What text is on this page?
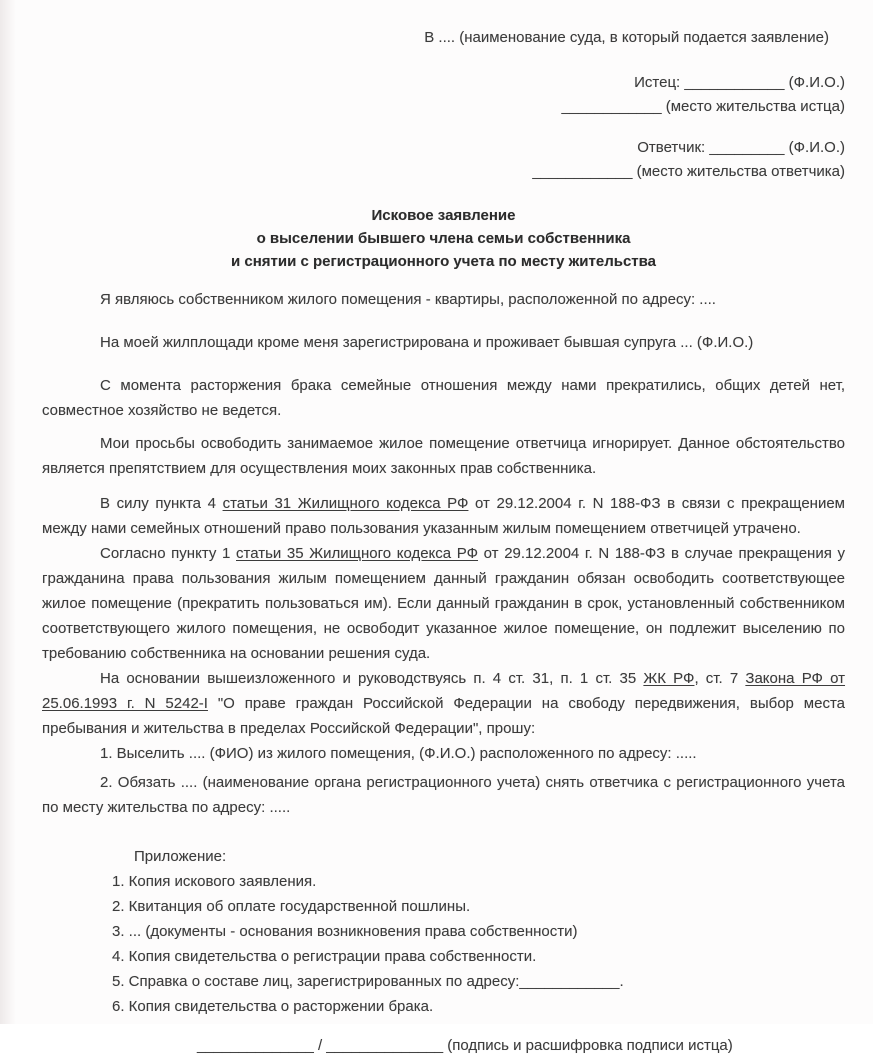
В .... (наименование суда, в который подается заявление)

Истец: ____________ (Ф.И.О.)

____________ (место жительства истца)

Ответчик: _________ (Ф.И.О.)

____________ (место жительства ответчика)

Исковое заявление

о выселении бывшего члена семьи собственника

и снятии с регистрационного учета по месту жительства

Я являюсь собственником жилого помещения - квартиры, расположенной по адресу: ....

На моей жилплощади кроме меня зарегистрирована и проживает бывшая супруга ... (Ф.И.О.)

С момента расторжения брака семейные отношения между нами прекратились, общих детей нет, совместное хозяйство не ведется.

Мои просьбы освободить занимаемое жилое помещение ответчица игнорирует. Данное обстоятельство является препятствием для осуществления моих законных прав собственника.

В силу пункта 4 статьи 31 Жилищного кодекса РФ от 29.12.2004 г. N 188-ФЗ в связи с прекращением между нами семейных отношений право пользования указанным жилым помещением ответчицей утрачено.

Согласно пункту 1 статьи 35 Жилищного кодекса РФ от 29.12.2004 г. N 188-ФЗ в случае прекращения у гражданина права пользования жилым помещением данный гражданин обязан освободить соответствующее жилое помещение (прекратить пользоваться им). Если данный гражданин в срок, установленный собственником соответствующего жилого помещения, не освободит указанное жилое помещение, он подлежит выселению по требованию собственника на основании решения суда.

На основании вышеизложенного и руководствуясь п. 4 ст. 31, п. 1 ст. 35 ЖК РФ, ст. 7 Закона РФ от 25.06.1993 г. N 5242-I "О праве граждан Российской Федерации на свободу передвижения, выбор места пребывания и жительства в пределах Российской Федерации", прошу:

1. Выселить .... (ФИО) из жилого помещения, (Ф.И.О.) расположенного по адресу: .....

2. Обязать .... (наименование органа регистрационного учета) снять ответчика с регистрационного учета по месту жительства по адресу: .....

Приложение:

1. Копия искового заявления.

2. Квитанция об оплате государственной пошлины.

3. ... (документы - основания возникновения права собственности)

4. Копия свидетельства о регистрации права собственности.

5. Справка о составе лиц, зарегистрированных по адресу:____________.

6. Копия свидетельства о расторжении брака.

______________ / ______________ (подпись и расшифровка подписи истца)
